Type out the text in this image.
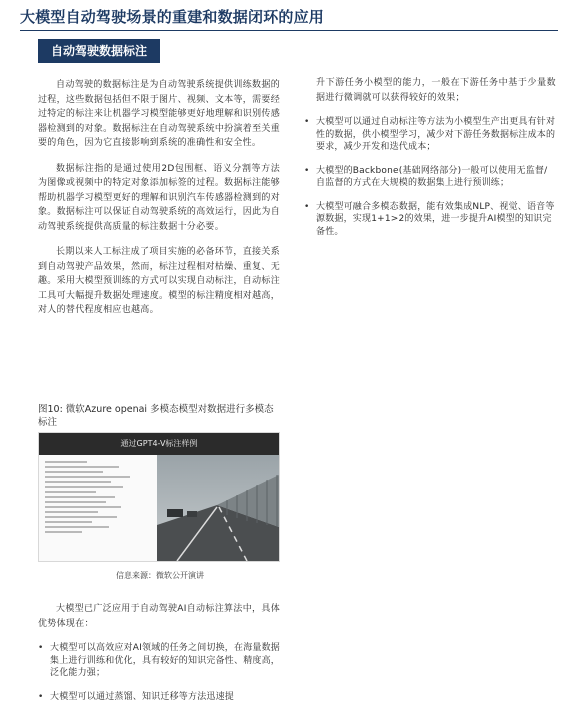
大模型自动驾驶场景的重建和数据闭环的应用
自动驾驶数据标注

自动驾驶的数据标注是为自动驾驶系统提供训练数据的过程，这些数据包括但不限于图片、视频、文本等，需要经过特定的标注来让机器学习模型能够更好地理解和识别传感器检测到的对象。数据标注在自动驾驶系统中扮演着至关重要的角色，因为它直接影响到系统的准确性和安全性。

数据标注指的是通过使用2D包围框、语义分割等方法为图像或视频中的特定对象添加标签的过程。数据标注能够帮助机器学习模型更好的理解和识别汽车传感器检测到的对象。数据标注可以保证自动驾驶系统的高效运行，因此为自动驾驶系统提供高质量的标注数据十分必要。

长期以来人工标注成了项目实施的必备环节，直接关系到自动驾驶产品效果，然而，标注过程相对枯燥、重复、无趣。采用大模型预训练的方式可以实现自动标注，自动标注工具可大幅提升数据处理速度。模型的标注精度相对越高，对人的替代程度相应也越高。

图10: 微软Azure openai 多模态模型对数据进行多模态标注
通过GPT4-V标注样例
信息来源：微软公开演讲

大模型已广泛应用于自动驾驶AI自动标注算法中，具体优势体现在：

• 大模型可以高效应对AI领域的任务之间切换，在海量数据集上进行训练和优化，具有较好的知识完备性、精度高，泛化能力强；
• 大模型可以通过蒸馏、知识迁移等方法迅速提

升下游任务小模型的能力，一般在下游任务中基于少量数据进行微调就可以获得较好的效果；

• 大模型可以通过自动标注等方法为小模型生产出更具有针对性的数据，供小模型学习，减少对下游任务数据标注成本的要求，减少开发和迭代成本；
• 大模型的Backbone(基础网络部分)一般可以使用无监督/自监督的方式在大规模的数据集上进行预训练；
• 大模型可融合多模态数据，能有效集成NLP、视觉、语音等源数据，实现1+1>2的效果，进一步提升AI模型的知识完备性。
